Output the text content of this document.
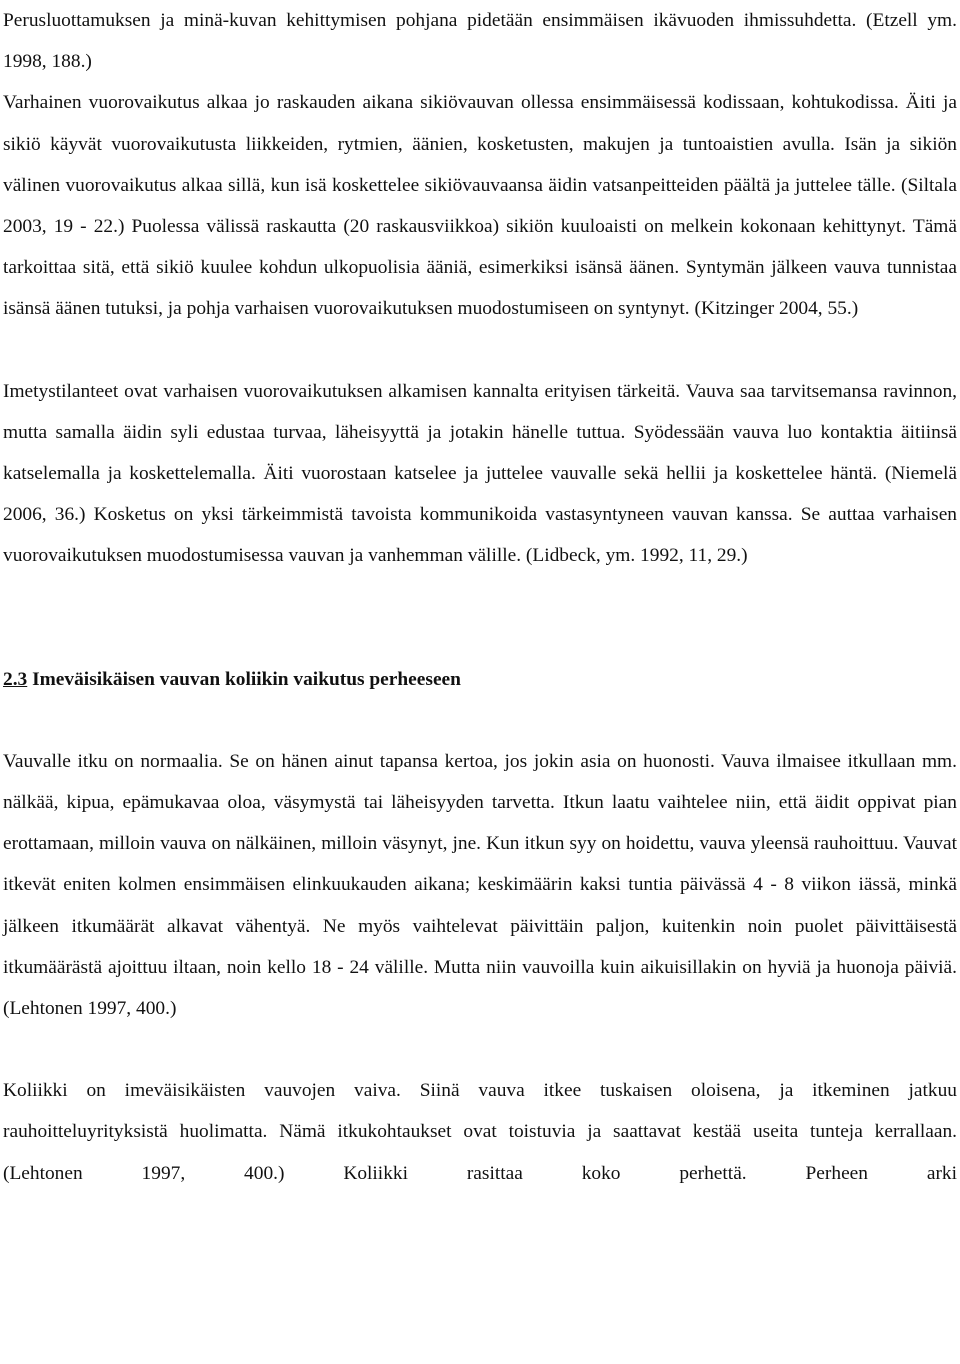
Perusluottamuksen ja minä-kuvan kehittymisen pohjana pidetään ensimmäisen ikävuoden ihmissuhdetta. (Etzell ym. 1998, 188.)

Varhainen vuorovaikutus alkaa jo raskauden aikana sikiövauvan ollessa ensimmäisessä kodissaan, kohtukodissa. Äiti ja sikiö käyvät vuorovaikutusta liikkeiden, rytmien, äänien, kosketusten, makujen ja tuntoaistien avulla. Isän ja sikiön välinen vuorovaikutus alkaa sillä, kun isä koskettelee sikiövauvaansa äidin vatsanpeitteiden päältä ja juttelee tälle. (Siltala 2003, 19 - 22.) Puolessa välissä raskautta (20 raskausviikkoa) sikiön kuuloaisti on melkein kokonaan kehittynyt. Tämä tarkoittaa sitä, että sikiö kuulee kohdun ulkopuolisia ääniä, esimerkiksi isänsä äänen. Syntymän jälkeen vauva tunnistaa isänsä äänen tutuksi, ja pohja varhaisen vuorovaikutuksen muodostumiseen on syntynyt. (Kitzinger 2004, 55.)

Imetystilanteet ovat varhaisen vuorovaikutuksen alkamisen kannalta erityisen tärkeitä. Vauva saa tarvitsemansa ravinnon, mutta samalla äidin syli edustaa turvaa, läheisyyttä ja jotakin hänelle tuttua. Syödessään vauva luo kontaktia äitiinsä katselemalla ja koskettelemalla. Äiti vuorostaan katselee ja juttelee vauvalle sekä hellii ja koskettelee häntä. (Niemelä 2006, 36.) Kosketus on yksi tärkeimmistä tavoista kommunikoida vastasyntyneen vauvan kanssa. Se auttaa varhaisen vuorovaikutuksen muodostumisessa vauvan ja vanhemman välille. (Lidbeck, ym. 1992, 11, 29.)

2.3 Imeväisikäisen vauvan koliikin vaikutus perheeseen

Vauvalle itku on normaalia. Se on hänen ainut tapansa kertoa, jos jokin asia on huonosti. Vauva ilmaisee itkullaan mm. nälkää, kipua, epämukavaa oloa, väsymystä tai läheisyyden tarvetta. Itkun laatu vaihtelee niin, että äidit oppivat pian erottamaan, milloin vauva on nälkäinen, milloin väsynyt, jne. Kun itkun syy on hoidettu, vauva yleensä rauhoittuu. Vauvat itkevät eniten kolmen ensimmäisen elinkuukauden aikana; keskimäärin kaksi tuntia päivässä 4 - 8 viikon iässä, minkä jälkeen itkumäärät alkavat vähentyä. Ne myös vaihtelevat päivittäin paljon, kuitenkin noin puolet päivittäisestä itkumäärästä ajoittuu iltaan, noin kello 18 - 24 välille. Mutta niin vauvoilla kuin aikuisillakin on hyviä ja huonoja päiviä. (Lehtonen 1997, 400.)

Koliikki on imeväisikäisten vauvojen vaiva. Siinä vauva itkee tuskaisen oloisena, ja itkeminen jatkuu rauhoitteluyrityksistä huolimatta. Nämä itkukohtaukset ovat toistuvia ja saattavat kestää useita tunteja kerrallaan. (Lehtonen 1997, 400.) Koliikki rasittaa koko perhettä. Perheen arki
